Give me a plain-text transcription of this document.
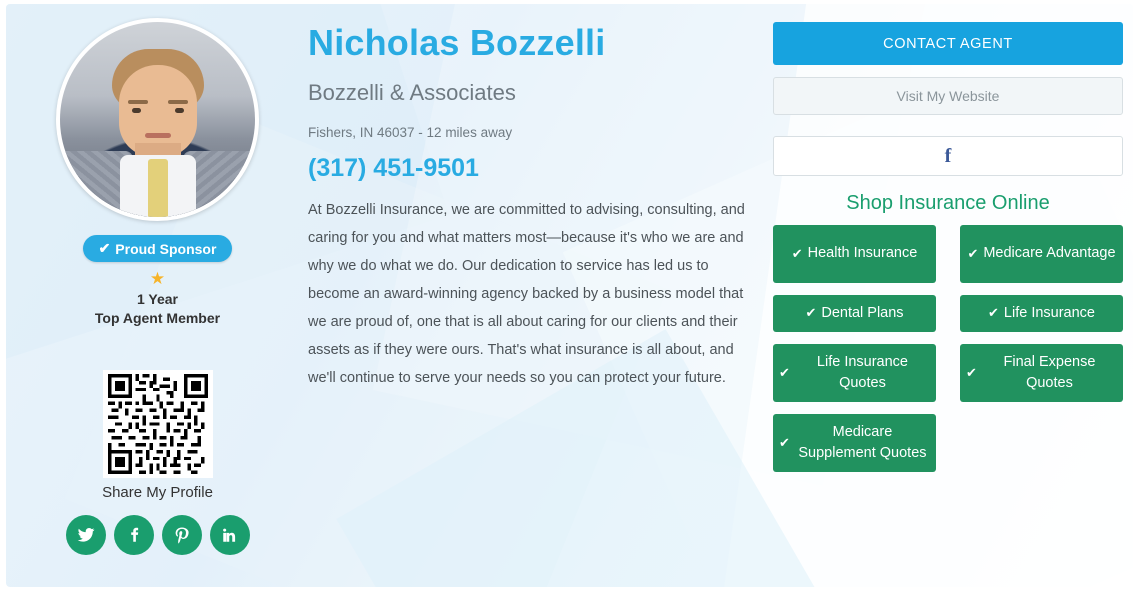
✔ Proud Sponsor
★
1 Year
Top Agent Member
Share My Profile
Nicholas Bozzelli
Bozzelli & Associates
Fishers, IN 46037 - 12 miles away
(317) 451-9501

At Bozzelli Insurance, we are committed to advising, consulting, and caring for you and what matters most—because it's who we are and why we do what we do. Our dedication to service has led us to become an award-winning agency backed by a business model that we are proud of, one that is all about caring for our clients and their assets as if they were ours. That's what insurance is all about, and we'll continue to serve your needs so you can protect your future.

CONTACT AGENT
Visit My Website
f
Shop Insurance Online
✔ Health Insurance	✔ Medicare Advantage
✔ Dental Plans	✔ Life Insurance
✔
Life Insurance Quotes
✔
Final Expense Quotes
✔
Medicare Supplement Quotes
